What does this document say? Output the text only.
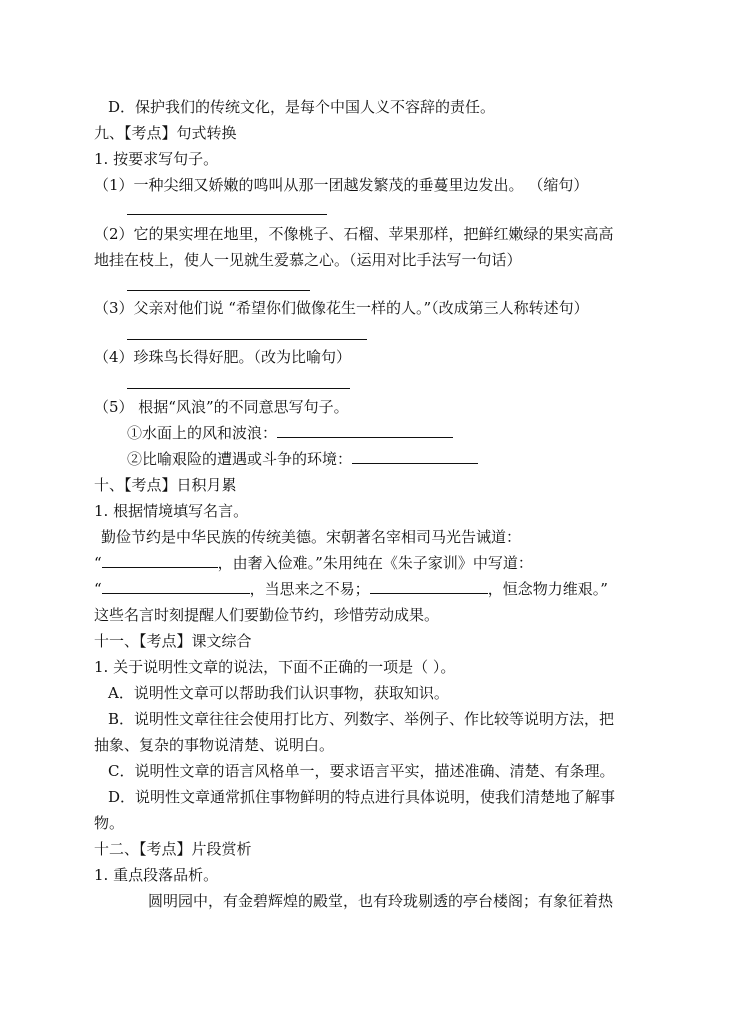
D．保护我们的传统文化，是每个中国人义不容辞的责任。
九、【考点】句式转换
1. 按要求写句子。
（1）一种尖细又娇嫩的鸣叫从那一团越发繁茂的垂蔓里边发出。 （缩句）
（2）它的果实埋在地里，不像桃子、石榴、苹果那样，把鲜红嫩绿的果实高高
地挂在枝上，使人一见就生爱慕之心。（运用对比手法写一句话）
（3）父亲对他们说 “希望你们做像花生一样的人。”（改成第三人称转述句）
（4）珍珠鸟长得好肥。（改为比喻句）
（5） 根据“风浪”的不同意思写句子。
①水面上的风和波浪：
②比喻艰险的遭遇或斗争的环境：
十、【考点】日积月累
1. 根据情境填写名言。
勤俭节约是中华民族的传统美德。宋朝著名宰相司马光告诫道：
“	，由奢入俭难。”朱用纯在《朱子家训》中写道：
“	，当思来之不易；	，恒念物力维艰。”
这些名言时刻提醒人们要勤俭节约，珍惜劳动成果。
十一、【考点】课文综合
1. 关于说明性文章的说法，下面不正确的一项是（ ）。
A．说明性文章可以帮助我们认识事物，获取知识。
B．说明性文章往往会使用打比方、列数字、举例子、作比较等说明方法，把
抽象、复杂的事物说清楚、说明白。
C．说明性文章的语言风格单一，要求语言平实，描述准确、清楚、有条理。
D．说明性文章通常抓住事物鲜明的特点进行具体说明，使我们清楚地了解事
物。
十二、【考点】片段赏析
1. 重点段落品析。
圆明园中，有金碧辉煌的殿堂，也有玲珑剔透的亭台楼阁；有象征着热
